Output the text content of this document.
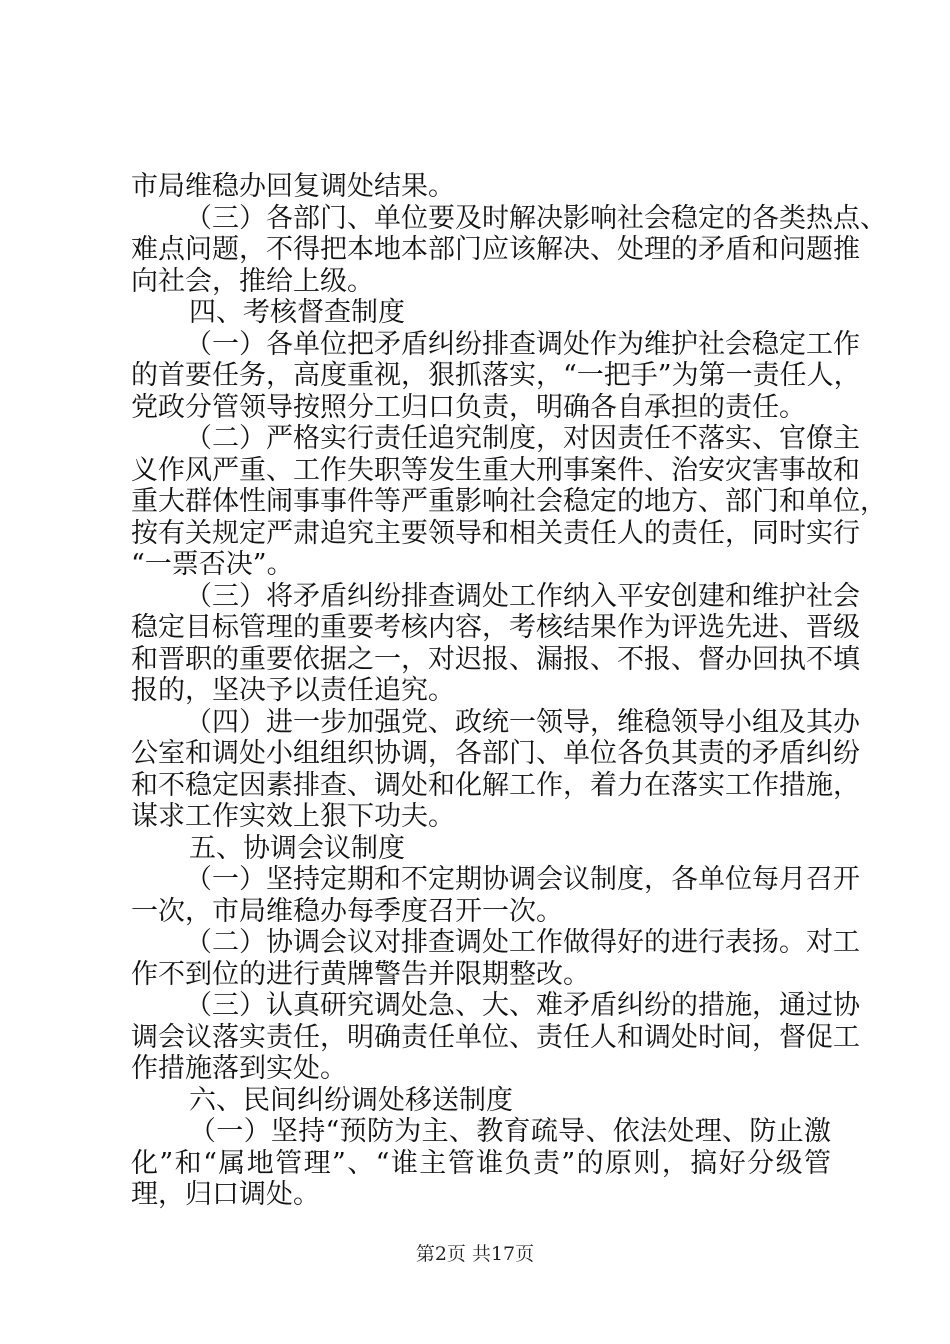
市局维稳办回复调处结果。
（三）各部门、单位要及时解决影响社会稳定的各类热点、
难点问题，不得把本地本部门应该解决、处理的矛盾和问题推
向社会，推给上级。
四、考核督查制度
（一）各单位把矛盾纠纷排查调处作为维护社会稳定工作
的首要任务，高度重视，狠抓落实，“一把手”为第一责任人，
党政分管领导按照分工归口负责，明确各自承担的责任。
（二）严格实行责任追究制度，对因责任不落实、官僚主
义作风严重、工作失职等发生重大刑事案件、治安灾害事故和
重大群体性闹事事件等严重影响社会稳定的地方、部门和单位，
按有关规定严肃追究主要领导和相关责任人的责任，同时实行
“一票否决”。
（三）将矛盾纠纷排查调处工作纳入平安创建和维护社会
稳定目标管理的重要考核内容，考核结果作为评选先进、晋级
和晋职的重要依据之一，对迟报、漏报、不报、督办回执不填
报的，坚决予以责任追究。
（四）进一步加强党、政统一领导，维稳领导小组及其办
公室和调处小组组织协调，各部门、单位各负其责的矛盾纠纷
和不稳定因素排查、调处和化解工作，着力在落实工作措施，
谋求工作实效上狠下功夫。
五、协调会议制度
（一）坚持定期和不定期协调会议制度，各单位每月召开
一次，市局维稳办每季度召开一次。
（二）协调会议对排查调处工作做得好的进行表扬。对工
作不到位的进行黄牌警告并限期整改。
（三）认真研究调处急、大、难矛盾纠纷的措施，通过协
调会议落实责任，明确责任单位、责任人和调处时间，督促工
作措施落到实处。
六、民间纠纷调处移送制度
（一）坚持“预防为主、教育疏导、依法处理、防止激
化”和“属地管理”、“谁主管谁负责”的原则，搞好分级管
理，归口调处。
第2页 共17页
